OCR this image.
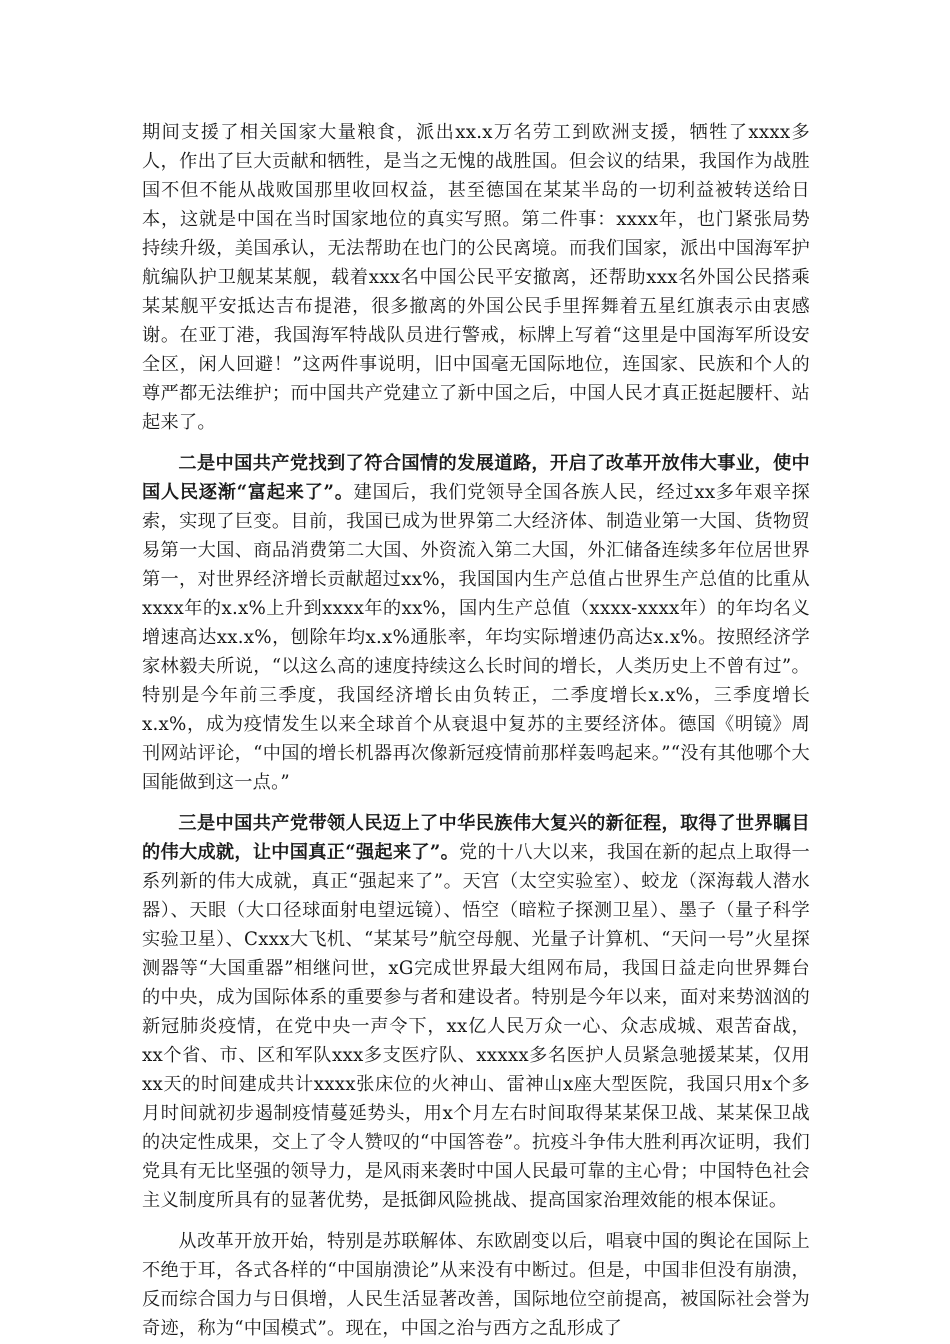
期间支援了相关国家大量粮食，派出xx.x万名劳工到欧洲支援，牺牲了xxxx多人，作出了巨大贡献和牺牲，是当之无愧的战胜国。但会议的结果，我国作为战胜国不但不能从战败国那里收回权益，甚至德国在某某半岛的一切利益被转送给日本，这就是中国在当时国家地位的真实写照。第二件事：xxxx年，也门紧张局势持续升级，美国承认，无法帮助在也门的公民离境。而我们国家，派出中国海军护航编队护卫舰某某舰，载着xxx名中国公民平安撤离，还帮助xxx名外国公民搭乘某某舰平安抵达吉布提港，很多撤离的外国公民手里挥舞着五星红旗表示由衷感谢。在亚丁港，我国海军特战队员进行警戒，标牌上写着“这里是中国海军所设安全区，闲人回避！”这两件事说明，旧中国毫无国际地位，连国家、民族和个人的尊严都无法维护；而中国共产党建立了新中国之后，中国人民才真正挺起腰杆、站起来了。

二是中国共产党找到了符合国情的发展道路，开启了改革开放伟大事业，使中国人民逐渐“富起来了”。建国后，我们党领导全国各族人民，经过xx多年艰辛探索，实现了巨变。目前，我国已成为世界第二大经济体、制造业第一大国、货物贸易第一大国、商品消费第二大国、外资流入第二大国，外汇储备连续多年位居世界第一，对世界经济增长贡献超过xx%，我国国内生产总值占世界生产总值的比重从xxxx年的x.x%上升到xxxx年的xx%，国内生产总值（xxxx-xxxx年）的年均名义增速高达xx.x%，刨除年均x.x%通胀率，年均实际增速仍高达x.x%。按照经济学家林毅夫所说，“以这么高的速度持续这么长时间的增长，人类历史上不曾有过”。特别是今年前三季度，我国经济增长由负转正，二季度增长x.x%，三季度增长x.x%，成为疫情发生以来全球首个从衰退中复苏的主要经济体。德国《明镜》周刊网站评论，“中国的增长机器再次像新冠疫情前那样轰鸣起来。”“没有其他哪个大国能做到这一点。”

三是中国共产党带领人民迈上了中华民族伟大复兴的新征程，取得了世界瞩目的伟大成就，让中国真正“强起来了”。党的十八大以来，我国在新的起点上取得一系列新的伟大成就，真正“强起来了”。天宫（太空实验室）、蛟龙（深海载人潜水器）、天眼（大口径球面射电望远镜）、悟空（暗粒子探测卫星）、墨子（量子科学实验卫星）、Cxxx大飞机、“某某号”航空母舰、光量子计算机、“天问一号”火星探测器等“大国重器”相继问世，xG完成世界最大组网布局，我国日益走向世界舞台的中央，成为国际体系的重要参与者和建设者。特别是今年以来，面对来势汹汹的新冠肺炎疫情，在党中央一声令下，xx亿人民万众一心、众志成城、艰苦奋战，xx个省、市、区和军队xxx多支医疗队、xxxxx多名医护人员紧急驰援某某，仅用xx天的时间建成共计xxxx张床位的火神山、雷神山x座大型医院，我国只用x个多月时间就初步遏制疫情蔓延势头，用x个月左右时间取得某某保卫战、某某保卫战的决定性成果，交上了令人赞叹的“中国答卷”。抗疫斗争伟大胜利再次证明，我们党具有无比坚强的领导力，是风雨来袭时中国人民最可靠的主心骨；中国特色社会主义制度所具有的显著优势，是抵御风险挑战、提高国家治理效能的根本保证。

从改革开放开始，特别是苏联解体、东欧剧变以后，唱衰中国的舆论在国际上不绝于耳，各式各样的“中国崩溃论”从来没有中断过。但是，中国非但没有崩溃，反而综合国力与日俱增，人民生活显著改善，国际地位空前提高，被国际社会誉为奇迹，称为“中国模式”。现在，中国之治与西方之乱形成了
